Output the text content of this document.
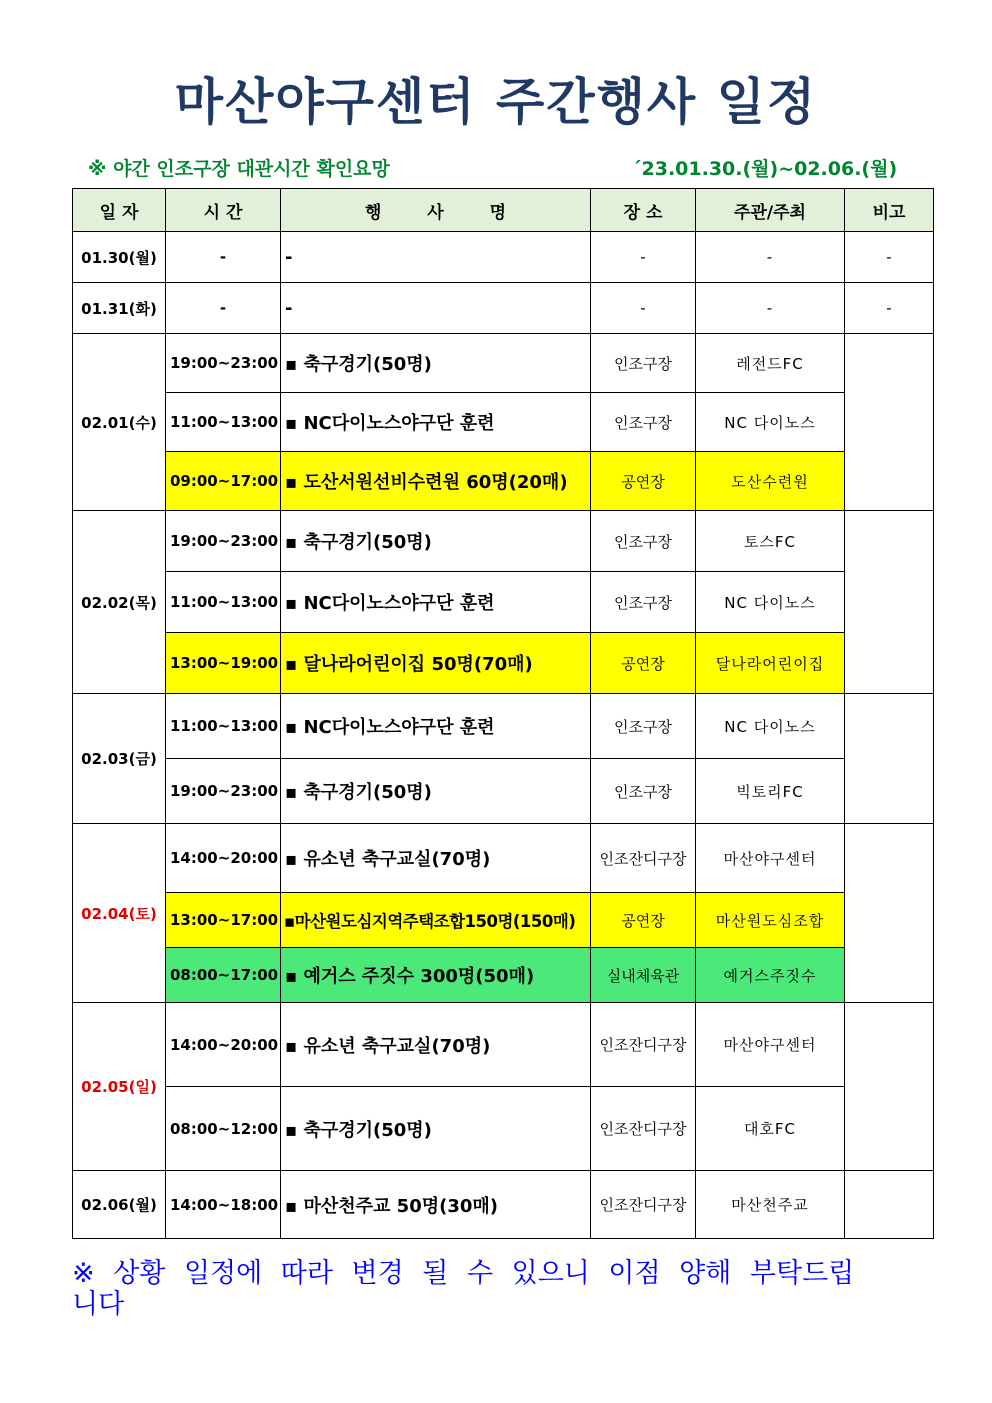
마산야구센터 주간행사 일정
※ 야간 인조구장 대관시간 확인요망	´23.01.30.(월)~02.06.(월)
일 자	시 간	행 사 명	장 소	주관/주최	비고
01.30(월)	-	-	-	-	-
01.31(화)	-	-	-	-	-
02.01(수)	19:00~23:00	▪ 축구경기(50명)	인조구장	레전드FC	
	11:00~13:00	▪ NC다이노스야구단 훈련	인조구장	NC 다이노스	
	09:00~17:00	▪ 도산서원선비수련원 60명(20매)	공연장	도산수련원	
02.02(목)	19:00~23:00	▪ 축구경기(50명)	인조구장	토스FC	
	11:00~13:00	▪ NC다이노스야구단 훈련	인조구장	NC 다이노스	
	13:00~19:00	▪ 달나라어린이집 50명(70매)	공연장	달나라어린이집	
02.03(금)	11:00~13:00	▪ NC다이노스야구단 훈련	인조구장	NC 다이노스	
	19:00~23:00	▪ 축구경기(50명)	인조구장	빅토리FC	
02.04(토)	14:00~20:00	▪ 유소년 축구교실(70명)	인조잔디구장	마산야구센터	
	13:00~17:00	▪마산원도심지역주택조합150명(150매)	공연장	마산원도심조합	
	08:00~17:00	▪ 예거스 주짓수 300명(50매)	실내체육관	예거스주짓수	
02.05(일)	14:00~20:00	▪ 유소년 축구교실(70명)	인조잔디구장	마산야구센터	
	08:00~12:00	▪ 축구경기(50명)	인조잔디구장	대호FC	
02.06(월)	14:00~18:00	▪ 마산천주교 50명(30매)	인조잔디구장	마산천주교	
※ 상황 일정에 따라 변경 될 수 있으니 이점 양해 부탁드립니다
